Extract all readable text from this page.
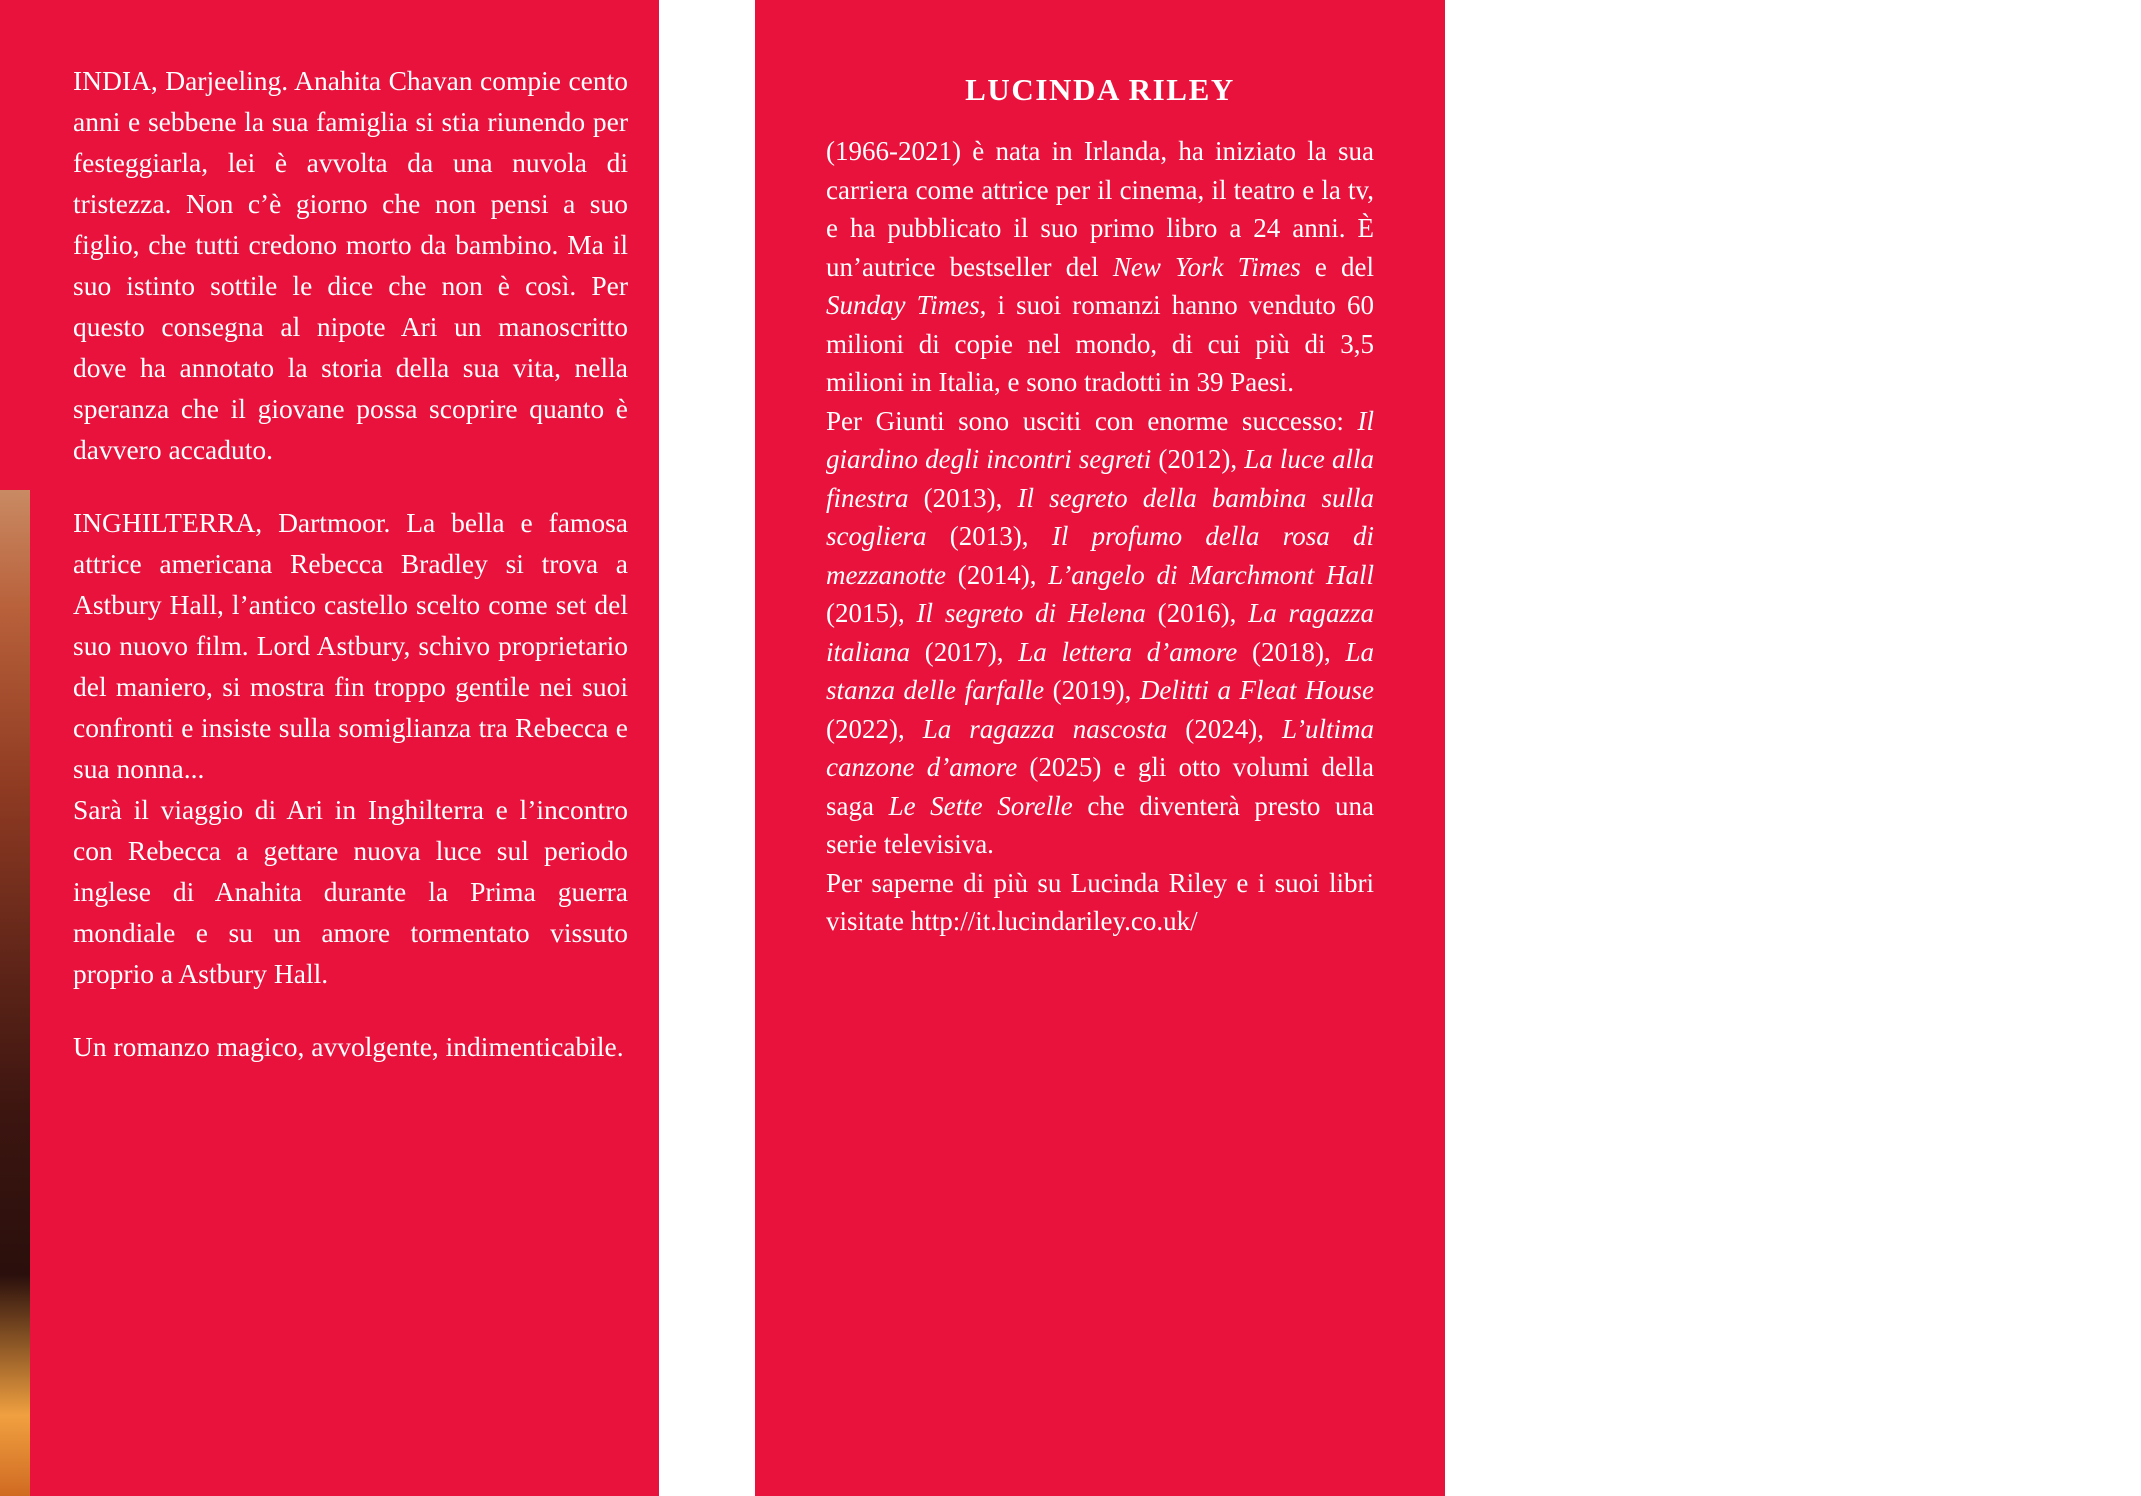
INDIA, Darjeeling. Anahita Chavan compie cento anni e sebbene la sua famiglia si stia riunendo per festeggiarla, lei è avvolta da una nuvola di tristezza. Non c’è giorno che non pensi a suo figlio, che tutti credono morto da bambino. Ma il suo istinto sottile le dice che non è così. Per questo consegna al nipote Ari un manoscritto dove ha annotato la storia della sua vita, nella speranza che il giovane possa scoprire quanto è davvero accaduto.

INGHILTERRA, Dartmoor. La bella e famosa attrice americana Rebecca Bradley si trova a Astbury Hall, l’antico castello scelto come set del suo nuovo film. Lord Astbury, schivo proprietario del maniero, si mostra fin troppo gentile nei suoi confronti e insiste sulla somiglianza tra Rebecca e sua nonna...

Sarà il viaggio di Ari in Inghilterra e l’incontro con Rebecca a gettare nuova luce sul periodo inglese di Anahita durante la Prima guerra mondiale e su un amore tormentato vissuto proprio a Astbury Hall.

Un romanzo magico, avvolgente, indimenticabile.

LUCINDA RILEY

(1966-2021) è nata in Irlanda, ha iniziato la sua carriera come attrice per il cinema, il teatro e la tv, e ha pubblicato il suo primo libro a 24 anni. È un’autrice bestseller del New York Times e del Sunday Times, i suoi romanzi hanno venduto 60 milioni di copie nel mondo, di cui più di 3,5 milioni in Italia, e sono tradotti in 39 Paesi.

Per Giunti sono usciti con enorme successo: Il giardino degli incontri segreti (2012), La luce alla finestra (2013), Il segreto della bambina sulla scogliera (2013), Il profumo della rosa di mezzanotte (2014), L’angelo di Marchmont Hall (2015), Il segreto di Helena (2016), La ragazza italiana (2017), La lettera d’amore (2018), La stanza delle farfalle (2019), Delitti a Fleat House (2022), La ragazza nascosta (2024), L’ultima canzone d’amore (2025) e gli otto volumi della saga Le Sette Sorelle che diventerà presto una serie televisiva.

Per saperne di più su Lucinda Riley e i suoi libri visitate http://it.lucindariley.co.uk/

Fotografia in copertina: elaborazione digitale da
© Photo by Martin Jernberg on Unsplash
© Shutterstock / Arlo Magicman
